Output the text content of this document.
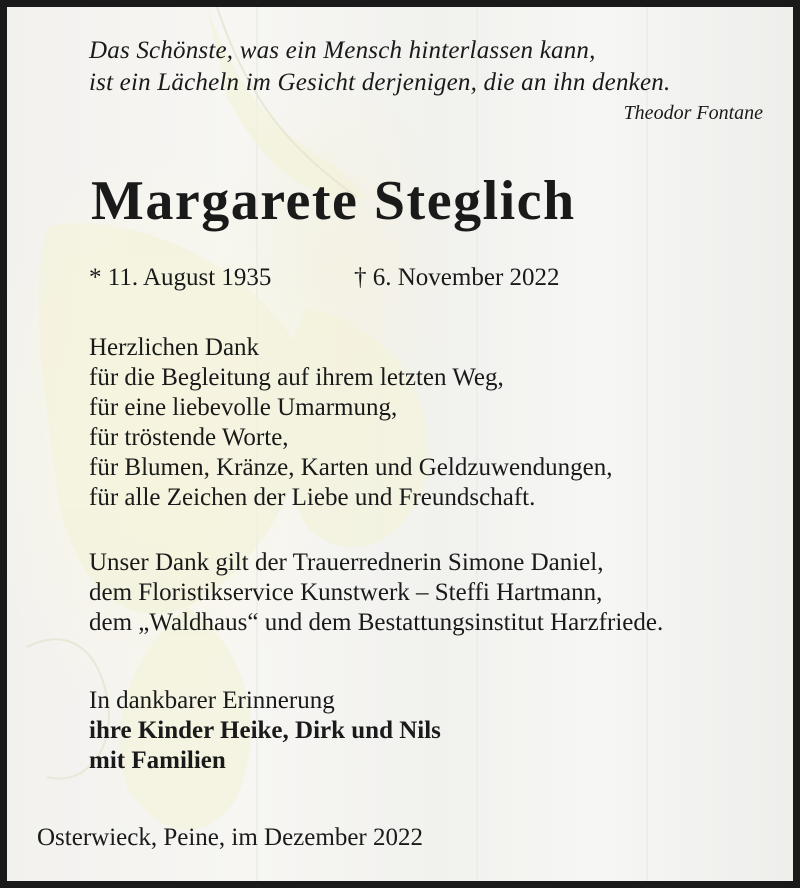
Das Schönste, was ein Mensch hinterlassen kann,
ist ein Lächeln im Gesicht derjenigen, die an ihn denken.
Theodor Fontane
Margarete Steglich
* 11. August 1935	† 6. November 2022
Herzlichen Dank
für die Begleitung auf ihrem letzten Weg,
für eine liebevolle Umarmung,
für tröstende Worte,
für Blumen, Kränze, Karten und Geldzuwendungen,
für alle Zeichen der Liebe und Freundschaft.
Unser Dank gilt der Trauerrednerin Simone Daniel,
dem Floristikservice Kunstwerk – Steffi Hartmann,
dem „Waldhaus“ und dem Bestattungsinstitut Harzfriede.
In dankbarer Erinnerung
ihre Kinder Heike, Dirk und Nils
mit Familien
Osterwieck, Peine, im Dezember 2022
